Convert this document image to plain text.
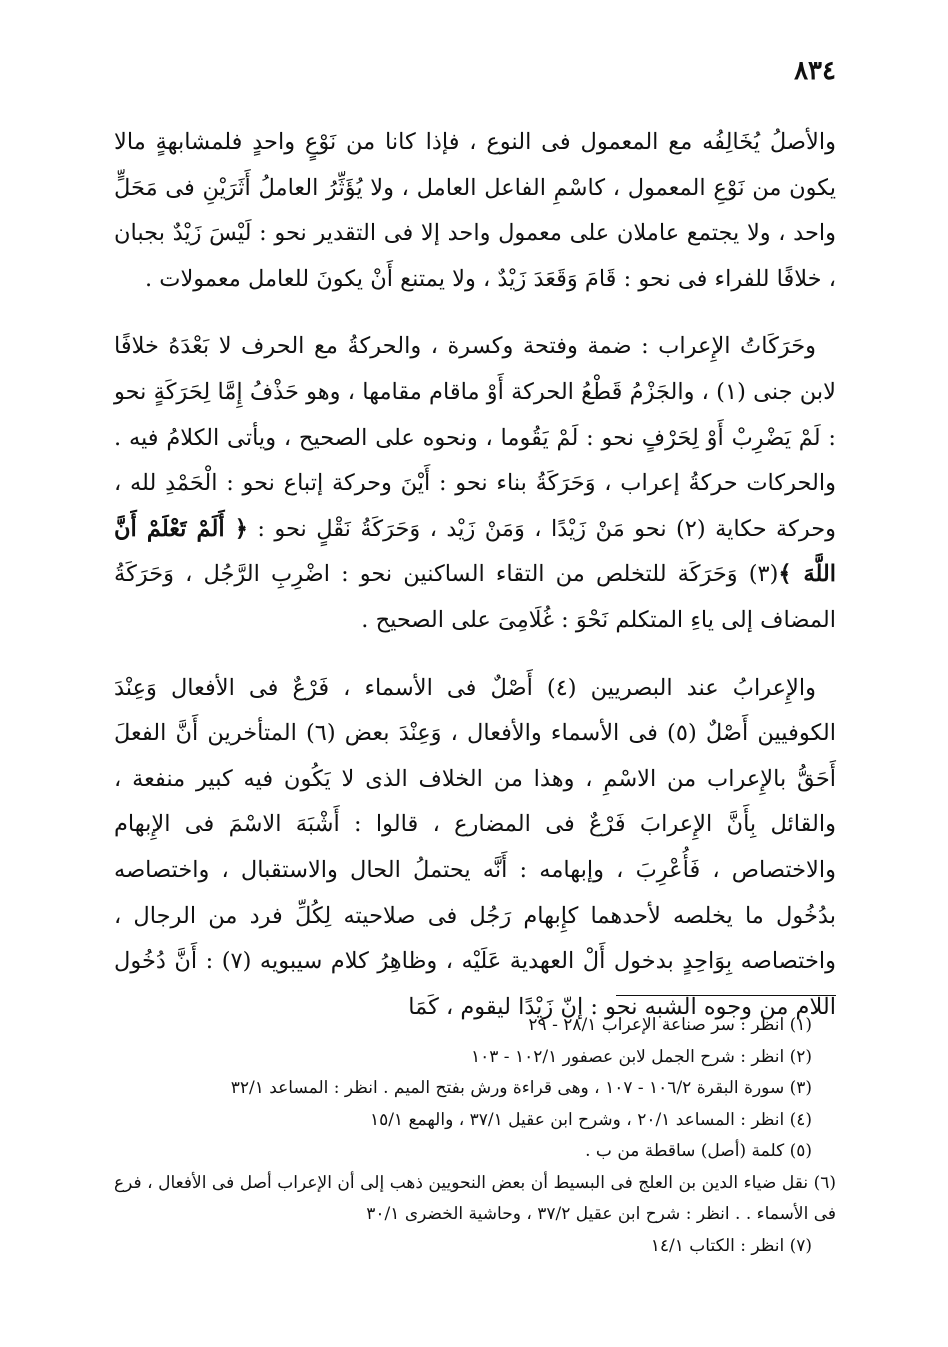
٨٣٤

والأصلُ يُخَالِفُه مع المعمول فى النوع ، فإذا كانا من نَوْعٍ واحدٍ فلمشابهةٍ مالا يكون من نَوْعِ المعمول ، كاسْمِ الفاعل العامل ، ولا يُؤَثِّرُ العاملُ أَثَرَيْنِ فى مَحَلٍّ واحد ، ولا يجتمع عاملان على معمول واحد إلا فى التقدير نحو : لَيْسَ زَيْدٌ بجبان ، خلافًا للفراء فى نحو : قَامَ وَقَعَدَ زَيْدٌ ، ولا يمتنع أَنْ يكونَ للعامل معمولات .

وحَرَكَاتُ الإِعراب : ضمة وفتحة وكسرة ، والحركةُ مع الحرف لا بَعْدَهُ خلافًا لابن جنى (١) ، والجَزْمُ قَطْعُ الحركة أَوْ ماقام مقامها ، وهو حَذْفُ إِمَّا لِحَرَكَةٍ نحو : لَمْ يَضْرِبْ أَوْ لِحَرْفٍ نحو : لَمْ يَقُوما ، ونحوه على الصحيح ، ويأتى الكلامُ فيه . والحركات حركةُ إعراب ، وَحَرَكَةُ بناء نحو : أَيْنَ وحركة إتباع نحو : الْحَمْدِ لله ، وحركة حكاية (٢) نحو مَنْ زَيْدًا ، وَمَنْ زَيْد ، وَحَرَكَةُ نَقْلٍ نحو : ﴿ أَلَمْ تَعْلَمْ أَنَّ اللَّهَ ﴾(٣) وَحَرَكَة للتخلص من التقاء الساكنين نحو : اضْرِبِ الرَّجُل ، وَحَرَكَةُ المضاف إلى ياءِ المتكلم نَحْوَ : غُلَامِىَ على الصحيح .

والإِعرابُ عند البصريين (٤) أَصْلٌ فى الأسماء ، فَرْعٌ فى الأفعال وَعِنْدَ الكوفيين أَصْلٌ (٥) فى الأسماء والأفعال ، وَعِنْدَ بعض (٦) المتأخرين أَنَّ الفعلَ أَحَقُّ بالإِعراب من الاسْمِ ، وهذا من الخلاف الذى لا يَكُون فيه كبير منفعة ، والقائل بِأَنَّ الإِعرابَ فَرْعٌ فى المضارع ، قالوا : أَشْبَهَ الاسْمَ فى الإِبهام والاختصاص ، فَأُعْرِبَ ، وإبهامه : أَنَّه يحتملُ الحال والاستقبال ، واختصاصه بدُخُول ما يخلصه لأحدهما كإِبهام رَجُل فى صلاحيته لِكُلِّ فرد من الرجال ، واختصاصه بِوَاحِدٍ بدخول أَلْ العهدية عَلَيْه ، وظاهِرُ كلام سيبويه (٧) : أَنَّ دُخُول اللام من وجوه الشبه نحو : إنّ زَيْدًا ليقوم ، كَمَا

(١) انظر : سر صناعة الإعراب ٢٨/١ - ٢٩
(٢) انظر : شرح الجمل لابن عصفور ١٠٢/١ - ١٠٣
(٣) سورة البقرة ١٠٦/٢ - ١٠٧ ، وهى قراءة ورش بفتح الميم . انظر : المساعد ٣٢/١
(٤) انظر : المساعد ٢٠/١ ، وشرح ابن عقيل ٣٧/١ ، والهمع ١٥/١
(٥) كلمة (أصل) ساقطة من ب .
(٦) نقل ضياء الدين بن العلج فى البسيط أن بعض النحويين ذهب إلى أن الإعراب أصل فى الأفعال ، فرع فى الأسماء . . انظر : شرح ابن عقيل ٣٧/٢ ، وحاشية الخضرى ٣٠/١
(٧) انظر : الكتاب ١٤/١
